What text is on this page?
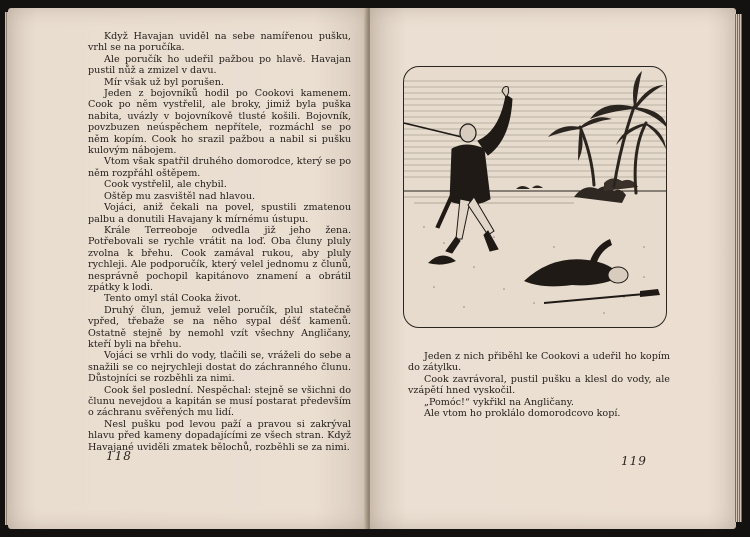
Když Havajan uviděl na sebe namířenou pušku, vrhl se na poručíka.

Ale poručík ho udeřil pažbou po hlavě. Havajan pustil nůž a zmizel v davu.

Mír však už byl porušen.

Jeden z bojovníků hodil po Cookovi kamenem. Cook po něm vystřelil, ale broky, jimiž byla puška nabita, uvázly v bojovníkově tlusté košili. Bojovník, povzbuzen neúspěchem nepřítele, rozmáchl se po něm kopím. Cook ho srazil pažbou a nabil si pušku kulovým nábojem.

Vtom však spatřil druhého domorodce, který se po něm rozpřáhl oštěpem.

Cook vystřelil, ale chybil.

Oštěp mu zasvištěl nad hlavou.

Vojáci, aniž čekali na povel, spustili zmatenou palbu a donutili Havajany k mírnému ústupu.

Krále Terreoboje odvedla již jeho žena. Potřebovali se rychle vrátit na loď. Oba čluny pluly zvolna k břehu. Cook zamával rukou, aby pluly rychleji. Ale podporučík, který velel jednomu z člunů, nesprávně pochopil kapitánovo znamení a obrátil zpátky k lodi.

Tento omyl stál Cooka život.

Druhý člun, jemuž velel poručík, plul statečně vpřed, třebaže se na něho sypal déšť kamenů. Ostatně stejně by nemohl vzít všechny Angličany, kteří byli na břehu.

Vojáci se vrhli do vody, tlačili se, vráželi do sebe a snažili se co nejrychleji dostat do záchranného člunu. Důstojníci se rozběhli za nimi.

Cook šel poslední. Nespěchal: stejně se všichni do člunu nevejdou a kapitán se musí postarat především o záchranu svěřených mu lidí.

Nesl pušku pod levou paží a pravou si zakrýval hlavu před kameny dopadajícími ze všech stran. Když Havajané uviděli zmatek bělochů, rozběhli se za nimi.

118

Jeden z nich přiběhl ke Cookovi a udeřil ho kopím do zátylku.

Cook zavrávoral, pustil pušku a klesl do vody, ale vzápětí hned vyskočil.

„Pomóc!“ vykřikl na Angličany.

Ale vtom ho proklálo domorodcovo kopí.

119
